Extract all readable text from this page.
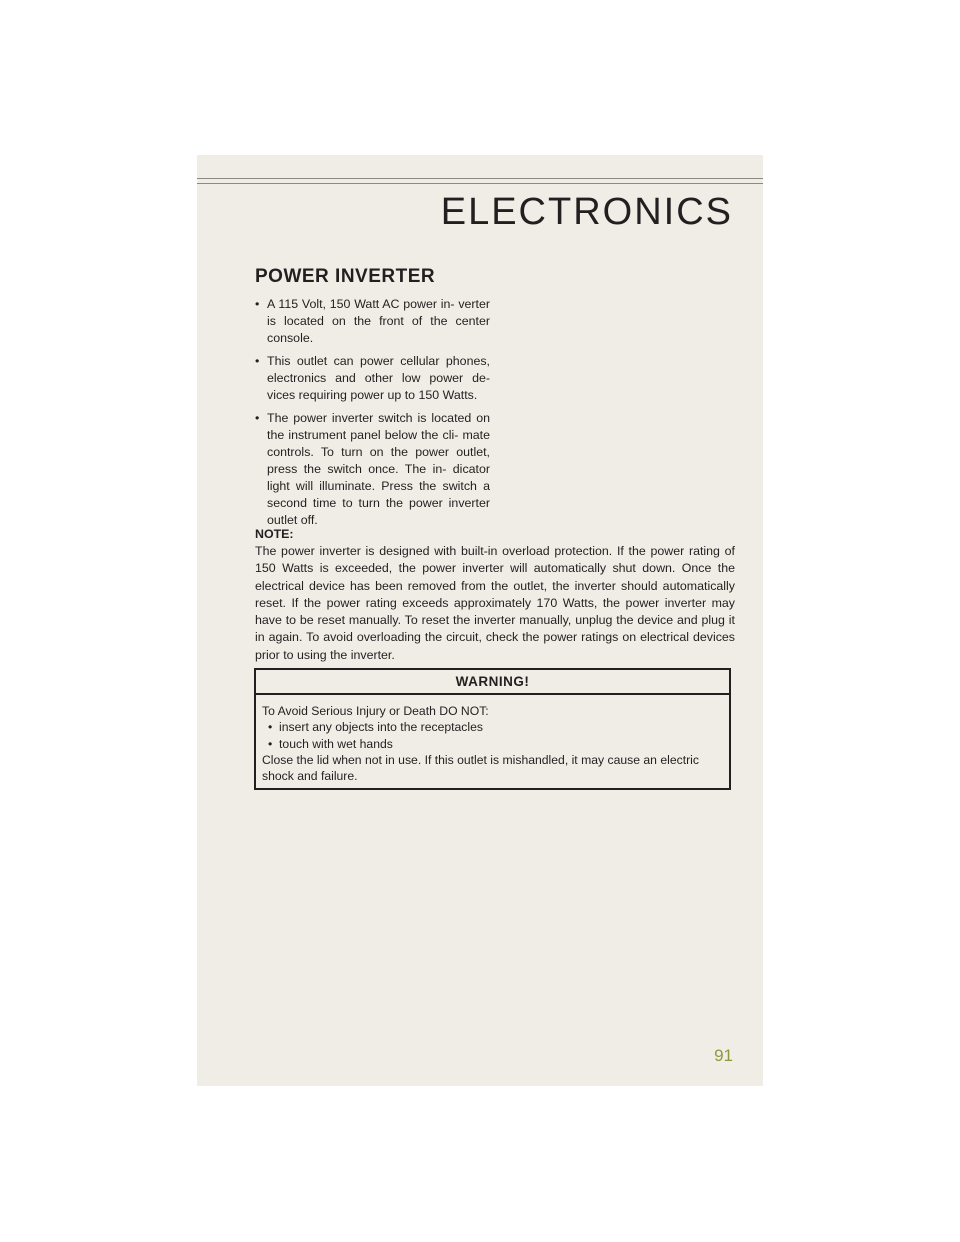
ELECTRONICS
POWER INVERTER
• A 115 Volt, 150 Watt AC power in- verter is located on the front of the center console.
• This outlet can power cellular phones, electronics and other low power de- vices requiring power up to 150 Watts.
• The power inverter switch is located on the instrument panel below the cli- mate controls. To turn on the power outlet, press the switch once. The in- dicator light will illuminate. Press the switch a second time to turn the power inverter outlet off.
NOTE:
The power inverter is designed with built-in overload protection. If the power rating of 150 Watts is exceeded, the power inverter will automatically shut down. Once the electrical device has been removed from the outlet, the inverter should automatically reset. If the power rating exceeds approximately 170 Watts, the power inverter may have to be reset manually. To reset the inverter manually, unplug the device and plug it in again. To avoid overloading the circuit, check the power ratings on electrical devices prior to using the inverter.
WARNING!
To Avoid Serious Injury or Death DO NOT:
•  insert any objects into the receptacles
•  touch with wet hands
Close the lid when not in use. If this outlet is mishandled, it may cause an electric shock and failure.
91
